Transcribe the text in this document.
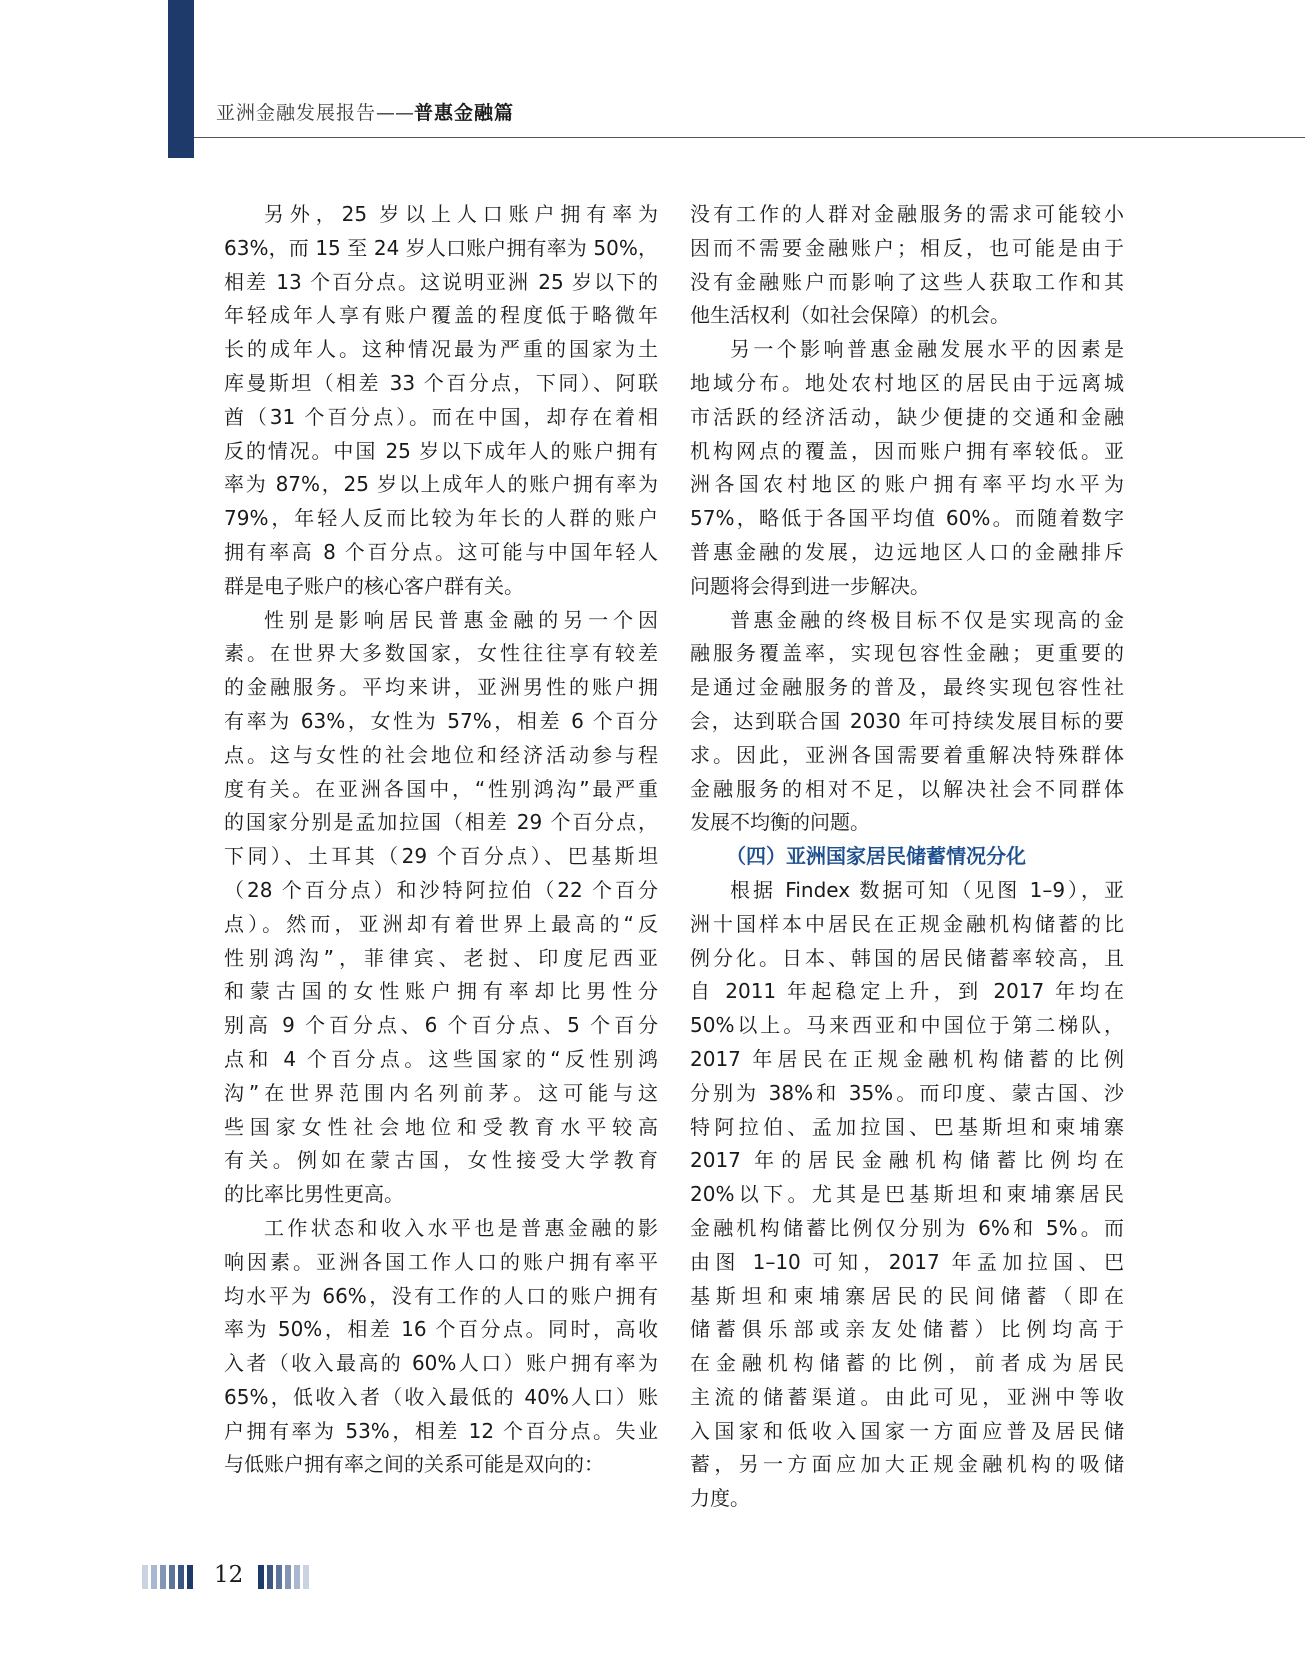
亚洲金融发展报告——普惠金融篇
另外，25 岁以上人口账户拥有率为
63%，而 15 至 24 岁人口账户拥有率为 50%，
相差 13 个百分点。这说明亚洲 25 岁以下的
年轻成年人享有账户覆盖的程度低于略微年
长的成年人。这种情况最为严重的国家为土
库曼斯坦（相差 33 个百分点，下同）、阿联
酋（31 个百分点）。而在中国，却存在着相
反的情况。中国 25 岁以下成年人的账户拥有
率为 87%，25 岁以上成年人的账户拥有率为
79%，年轻人反而比较为年长的人群的账户
拥有率高 8 个百分点。这可能与中国年轻人
群是电子账户的核心客户群有关。
性别是影响居民普惠金融的另一个因
素。在世界大多数国家，女性往往享有较差
的金融服务。平均来讲，亚洲男性的账户拥
有率为 63%，女性为 57%，相差 6 个百分
点。这与女性的社会地位和经济活动参与程
度有关。在亚洲各国中，“性别鸿沟”最严重
的国家分别是孟加拉国（相差 29 个百分点，
下同）、土耳其（29 个百分点）、巴基斯坦
（28 个百分点）和沙特阿拉伯（22 个百分
点）。然而，亚洲却有着世界上最高的“反
性别鸿沟”，菲律宾、老挝、印度尼西亚
和蒙古国的女性账户拥有率却比男性分
别高 9 个百分点、6 个百分点、5 个百分
点和 4 个百分点。这些国家的“反性别鸿
沟”在世界范围内名列前茅。这可能与这
些国家女性社会地位和受教育水平较高
有关。例如在蒙古国，女性接受大学教育
的比率比男性更高。
工作状态和收入水平也是普惠金融的影
响因素。亚洲各国工作人口的账户拥有率平
均水平为 66%，没有工作的人口的账户拥有
率为 50%，相差 16 个百分点。同时，高收
入者（收入最高的 60%人口）账户拥有率为
65%，低收入者（收入最低的 40%人口）账
户拥有率为 53%，相差 12 个百分点。失业
与低账户拥有率之间的关系可能是双向的：
没有工作的人群对金融服务的需求可能较小
因而不需要金融账户；相反，也可能是由于
没有金融账户而影响了这些人获取工作和其
他生活权利（如社会保障）的机会。
另一个影响普惠金融发展水平的因素是
地域分布。地处农村地区的居民由于远离城
市活跃的经济活动，缺少便捷的交通和金融
机构网点的覆盖，因而账户拥有率较低。亚
洲各国农村地区的账户拥有率平均水平为
57%，略低于各国平均值 60%。而随着数字
普惠金融的发展，边远地区人口的金融排斥
问题将会得到进一步解决。
普惠金融的终极目标不仅是实现高的金
融服务覆盖率，实现包容性金融；更重要的
是通过金融服务的普及，最终实现包容性社
会，达到联合国 2030 年可持续发展目标的要
求。因此，亚洲各国需要着重解决特殊群体
金融服务的相对不足，以解决社会不同群体
发展不均衡的问题。
（四）亚洲国家居民储蓄情况分化
根据 Findex 数据可知（见图 1–9），亚
洲十国样本中居民在正规金融机构储蓄的比
例分化。日本、韩国的居民储蓄率较高，且
自 2011 年起稳定上升，到 2017 年均在
50%以上。马来西亚和中国位于第二梯队，
2017 年居民在正规金融机构储蓄的比例
分别为 38%和 35%。而印度、蒙古国、沙
特阿拉伯、孟加拉国、巴基斯坦和柬埔寨
2017 年的居民金融机构储蓄比例均在
20%以下。尤其是巴基斯坦和柬埔寨居民
金融机构储蓄比例仅分别为 6%和 5%。而
由图 1–10 可知，2017 年孟加拉国、巴
基斯坦和柬埔寨居民的民间储蓄（即在
储蓄俱乐部或亲友处储蓄）比例均高于
在金融机构储蓄的比例，前者成为居民
主流的储蓄渠道。由此可见，亚洲中等收
入国家和低收入国家一方面应普及居民储
蓄，另一方面应加大正规金融机构的吸储
力度。
12
